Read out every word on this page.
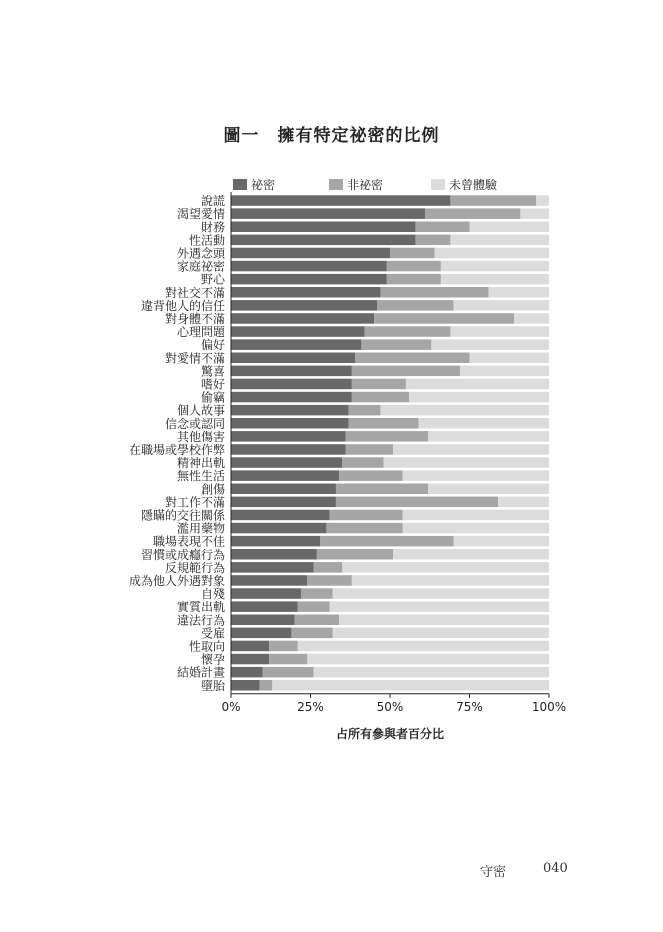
圖一　擁有特定祕密的比例
祕密	非祕密	未曾體驗
說謊
渴望愛情
財務
性活動
外遇念頭
家庭祕密
野心
對社交不滿
違背他人的信任
對身體不滿
心理問題
偏好
對愛情不滿
驚喜
嗜好
偷竊
個人故事
信念或認同
其他傷害
在職場或學校作弊
精神出軌
無性生活
創傷
對工作不滿
隱瞞的交往關係
濫用藥物
職場表現不佳
習慣或成癮行為
反規範行為
成為他人外遇對象
自殘
實質出軌
違法行為
受雇
性取向
懷孕
結婚計畫
墮胎
0%	25%	50%	75%	100%
占所有參與者百分比
守密	040
